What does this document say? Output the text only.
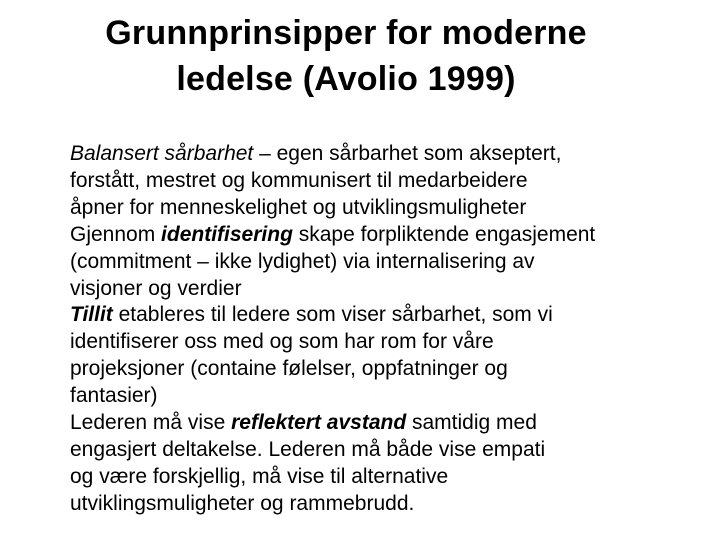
Grunnprinsipper for moderne
ledelse (Avolio 1999)

Balansert sårbarhet – egen sårbarhet som akseptert,
forstått, mestret og kommunisert til medarbeidere
åpner for menneskelighet og utviklingsmuligheter

Gjennom identifisering skape forpliktende engasjement
(commitment – ikke lydighet) via internalisering av
visjoner og verdier

Tillit etableres til ledere som viser sårbarhet, som vi
identifiserer oss med og som har rom for våre
projeksjoner (containe følelser, oppfatninger og
fantasier)

Lederen må vise reflektert avstand samtidig med
engasjert deltakelse. Lederen må både vise empati
og være forskjellig, må vise til alternative
utviklingsmuligheter og rammebrudd.
